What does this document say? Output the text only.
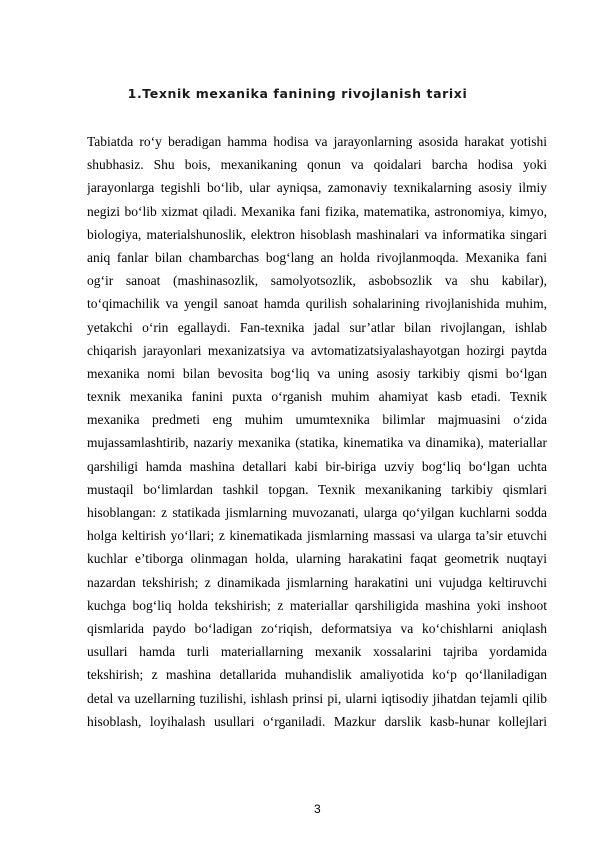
1.Texnik mexanika fanining rivojlanish tarixi
Tabiatda ro‘y beradigan hamma hodisa va jarayonlarning asosida harakat yotishi
shubhasiz. Shu bois, mexanikaning qonun va qoidalari barcha hodisa yoki
jarayonlarga tegishli bo‘lib, ular ayniqsa, zamonaviy texnikalarning asosiy ilmiy
negizi bo‘lib xizmat qiladi. Mexanika fani fizika, matematika, astronomiya, kimyo,
biologiya, materialshunoslik, elektron hisoblash mashinalari va informatika singari
aniq fanlar bilan chambarchas bog‘lang an holda rivojlanmoqda. Mexanika fani
og‘ir sanoat (mashinasozlik, samolyotsozlik, asbobsozlik va shu kabilar),
to‘qimachilik va yengil sanoat hamda qurilish sohalarining rivojlanishida muhim,
yetakchi o‘rin egallaydi. Fan-texnika jadal sur’atlar bilan rivojlangan, ishlab
chiqarish jarayonlari mexanizatsiya va avtomatizatsiyalashayotgan hozirgi paytda
mexanika nomi bilan bevosita bog‘liq va uning asosiy tarkibiy qismi bo‘lgan
texnik mexanika fanini puxta o‘rganish muhim ahamiyat kasb etadi. Texnik
mexanika predmeti eng muhim umumtexnika bilimlar majmuasini o‘zida
mujassamlashtirib, nazariy mexanika (statika, kinematika va dinamika), materiallar
qarshiligi hamda mashina detallari kabi bir-biriga uzviy bog‘liq bo‘lgan uchta
mustaqil bo‘limlardan tashkil topgan. Texnik mexanikaning tarkibiy qismlari
hisoblangan: z statikada jismlarning muvozanati, ularga qo‘yilgan kuchlarni sodda
holga keltirish yo‘llari; z kinematikada jismlarning massasi va ularga ta’sir etuvchi
kuchlar e’tiborga olinmagan holda, ularning harakatini faqat geometrik nuqtayi
nazardan tekshirish; z dinamikada jismlarning harakatini uni vujudga keltiruvchi
kuchga bog‘liq holda tekshirish; z materiallar qarshiligida mashina yoki inshoot
qismlarida paydo bo‘ladigan zo‘riqish, deformatsiya va ko‘chishlarni aniqlash
usullari hamda turli materiallarning mexanik xossalarini tajriba yordamida
tekshirish; z mashina detallarida muhandislik amaliyotida ko‘p qo‘llaniladigan
detal va uzellarning tuzilishi, ishlash prinsi pi, ularni iqtisodiy jihatdan tejamli qilib
hisoblash, loyihalash usullari o‘rganiladi. Mazkur darslik kasb-hunar kollejlari
3
